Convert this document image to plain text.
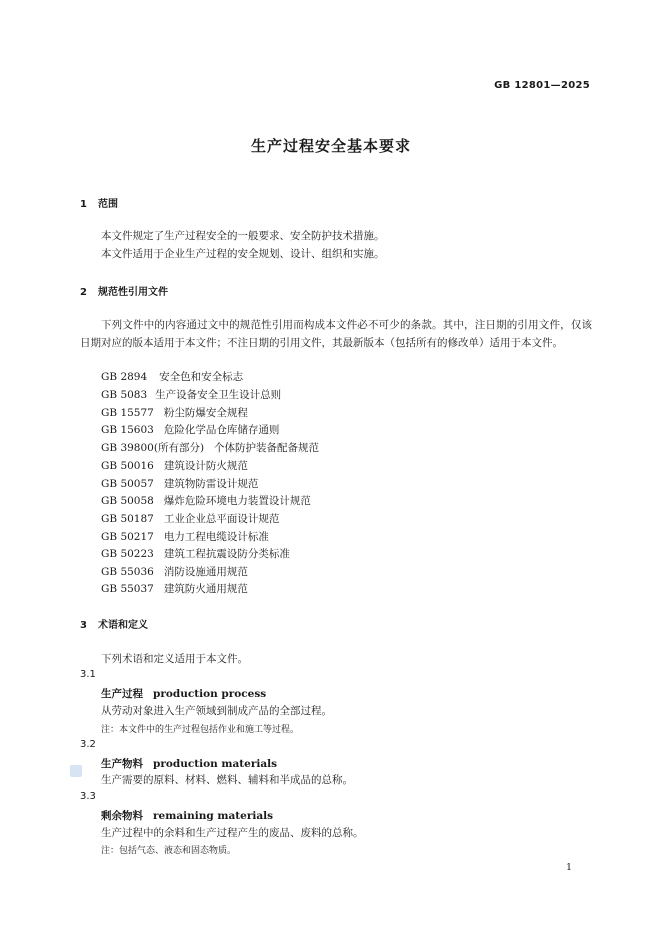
GB 12801—2025
生产过程安全基本要求
1 范围
本文件规定了生产过程安全的一般要求、安全防护技术措施。
本文件适用于企业生产过程的安全规划、设计、组织和实施。
2 规范性引用文件
下列文件中的内容通过文中的规范性引用而构成本文件必不可少的条款。其中，注日期的引用文件，仅该日期对应的版本适用于本文件；不注日期的引用文件，其最新版本（包括所有的修改单）适用于本文件。
GB 2894 安全色和安全标志
GB 5083 生产设备安全卫生设计总则
GB 15577 粉尘防爆安全规程
GB 15603 危险化学品仓库储存通则
GB 39800(所有部分) 个体防护装备配备规范
GB 50016 建筑设计防火规范
GB 50057 建筑物防雷设计规范
GB 50058 爆炸危险环境电力装置设计规范
GB 50187 工业企业总平面设计规范
GB 50217 电力工程电缆设计标准
GB 50223 建筑工程抗震设防分类标准
GB 55036 消防设施通用规范
GB 55037 建筑防火通用规范
3 术语和定义
下列术语和定义适用于本文件。
3.1
生产过程 production process
从劳动对象进入生产领域到制成产品的全部过程。
注：本文件中的生产过程包括作业和施工等过程。
3.2
生产物料 production materials
生产需要的原料、材料、燃料、辅料和半成品的总称。
3.3
剩余物料 remaining materials
生产过程中的余料和生产过程产生的废品、废料的总称。
注：包括气态、液态和固态物质。
1
